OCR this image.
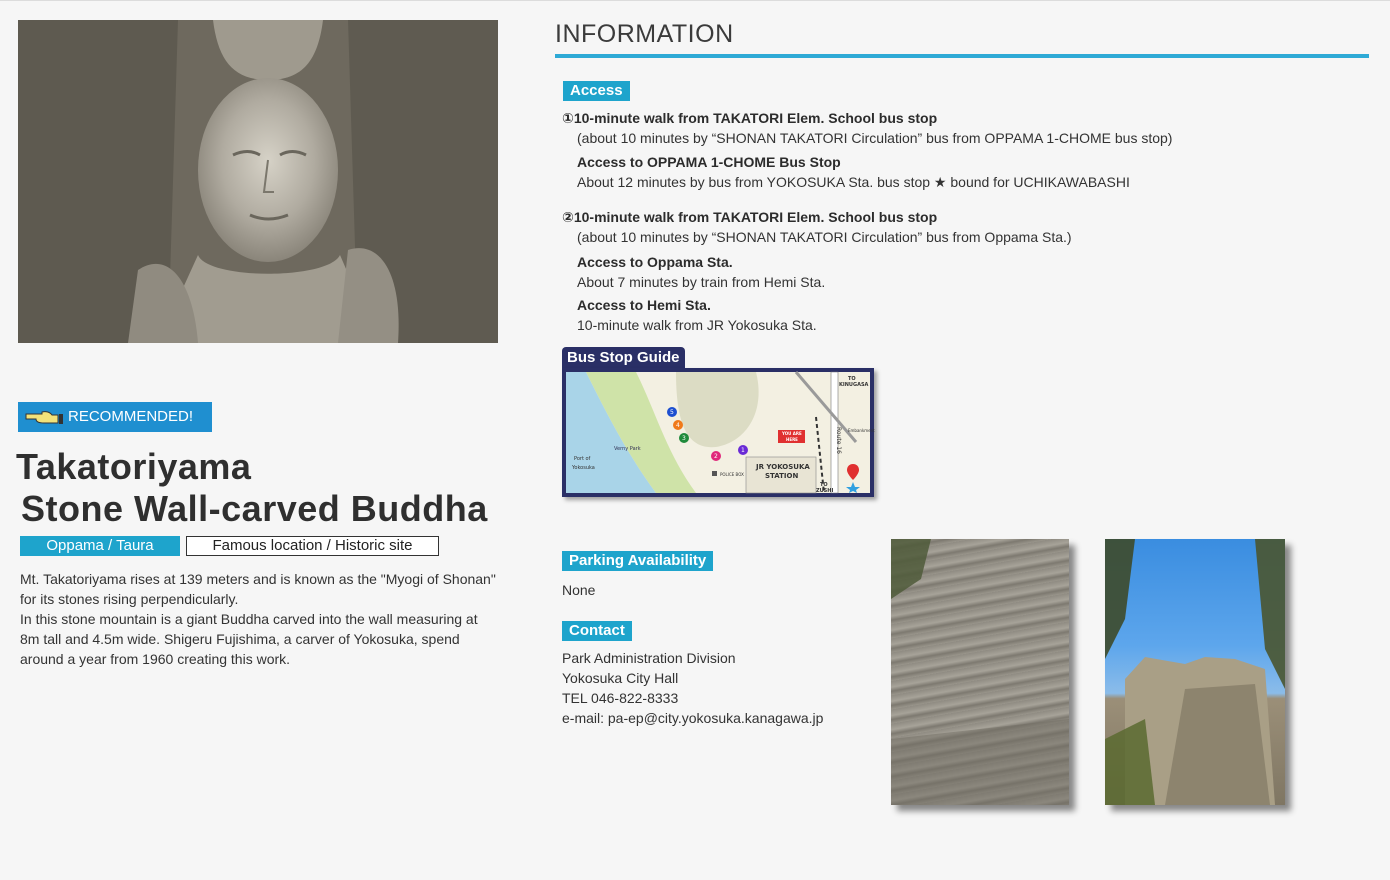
RECOMMENDED!
Takatoriyama
Stone Wall-carved Buddha
Oppama / Taura	Famous location / Historic site

Mt. Takatoriyama rises at 139 meters and is known as the "Myogi of Shonan" for its stones rising perpendicularly.

In this stone mountain is a giant Buddha carved into the wall measuring at 8m tall and 4.5m wide. Shigeru Fujishima, a carver of Yokosuka, spend around a year from 1960 creating this work.

INFORMATION
Access
①10-minute walk from TAKATORI Elem. School bus stop
(about 10 minutes by “SHONAN TAKATORI Circulation” bus from OPPAMA 1-CHOME bus stop)
Access to OPPAMA 1-CHOME Bus Stop
About 12 minutes by bus from YOKOSUKA Sta. bus stop ★ bound for UCHIKAWABASHI
②10-minute walk from TAKATORI Elem. School bus stop
(about 10 minutes by “SHONAN TAKATORI Circulation” bus from Oppama Sta.)
Access to Oppama Sta.
About 7 minutes by train from Hemi Sta.
Access to Hemi Sta.
10-minute walk from JR Yokosuka Sta.
Bus Stop Guide
Port of
Yokosuka
Verny Park
JR YOKOSUKA
STATION
POLICE BOX
YOU ARE
HERE
TO
KINUGASA
TO
ZUSHI
Route 16 Embankment
1
2
3
4
5
Parking Availability
None
Contact
Park Administration Division
Yokosuka City Hall
TEL 046-822-8333
e-mail: pa-ep@city.yokosuka.kanagawa.jp
